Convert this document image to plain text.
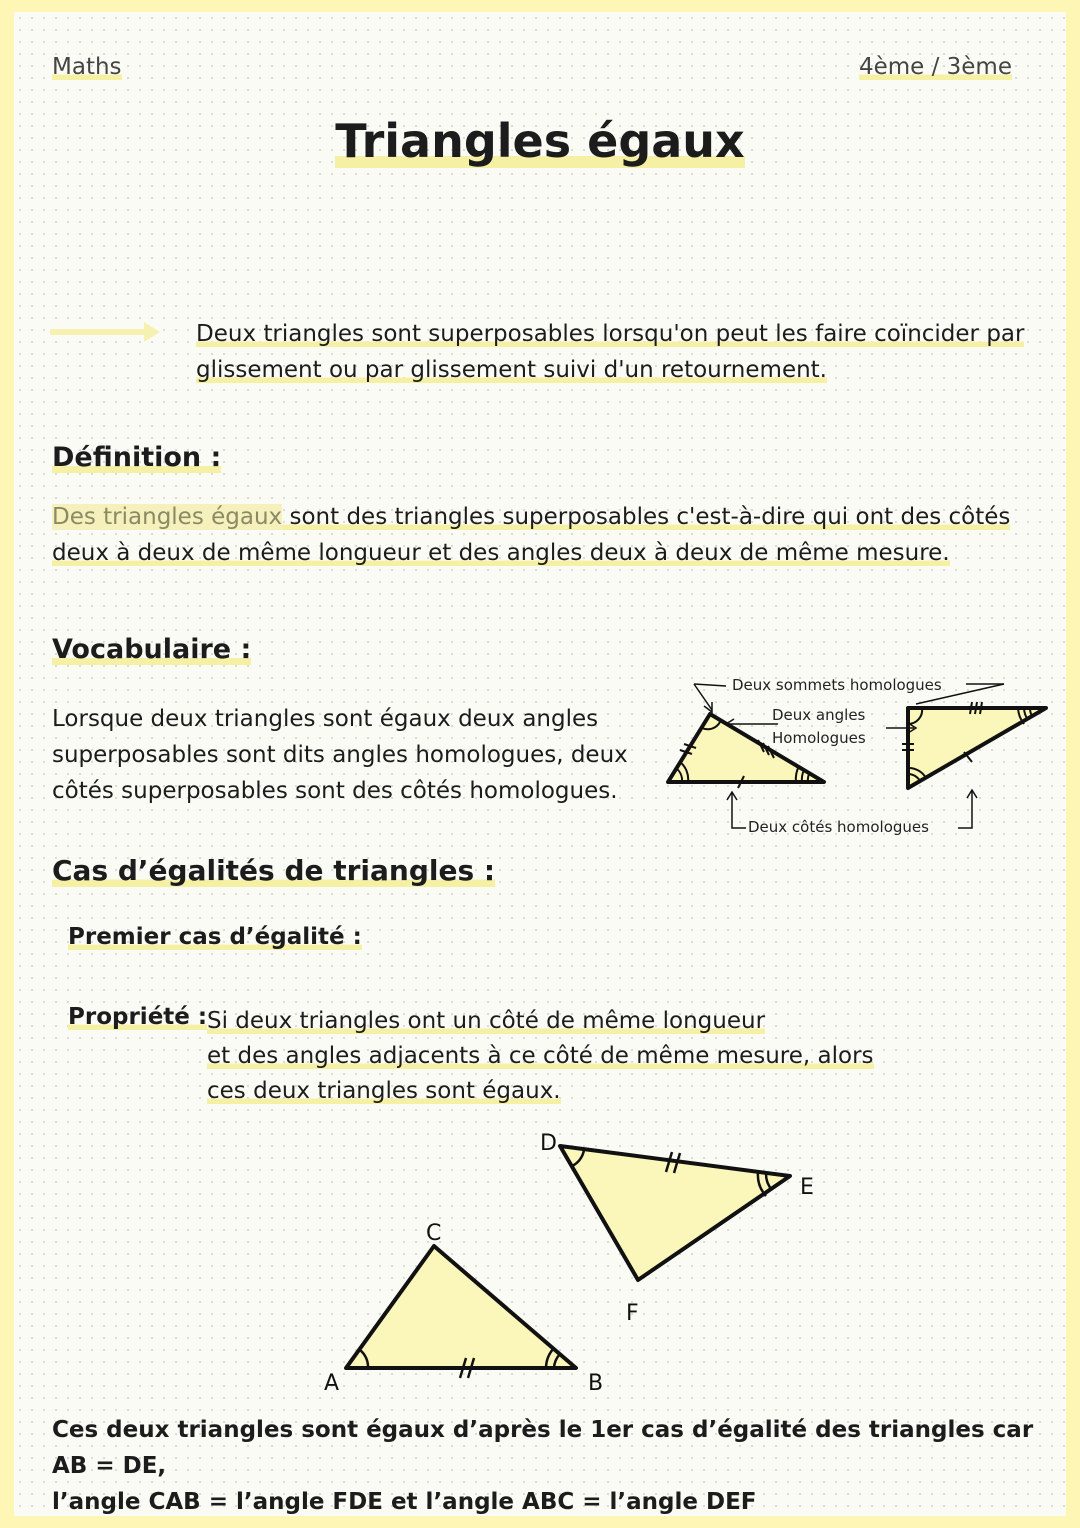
Maths	4ème / 3ème
Triangles égaux
Deux triangles sont superposables lorsqu'on peut les faire coïncider par
glissement ou par glissement suivi d'un retournement.
Définition :
Des triangles égaux sont des triangles superposables c'est-à-dire qui ont des côtés
deux à deux de même longueur et des angles deux à deux de même mesure.
Vocabulaire :
Lorsque deux triangles sont égaux deux angles
superposables sont dits angles homologues, deux
côtés superposables sont des côtés homologues.
Deux sommets homologues
Deux angles
Homologues
Deux côtés homologues
Cas d’égalités de triangles :
Premier cas d’égalité :
Propriété : Si deux triangles ont un côté de même longueur
et des angles adjacents à ce côté de même mesure, alors
ces deux triangles sont égaux.
A	B
C
D
E
F
Ces deux triangles sont égaux d’après le 1er cas d’égalité des triangles car AB = DE,
l’angle CAB = l’angle FDE et l’angle ABC = l’angle DEF
